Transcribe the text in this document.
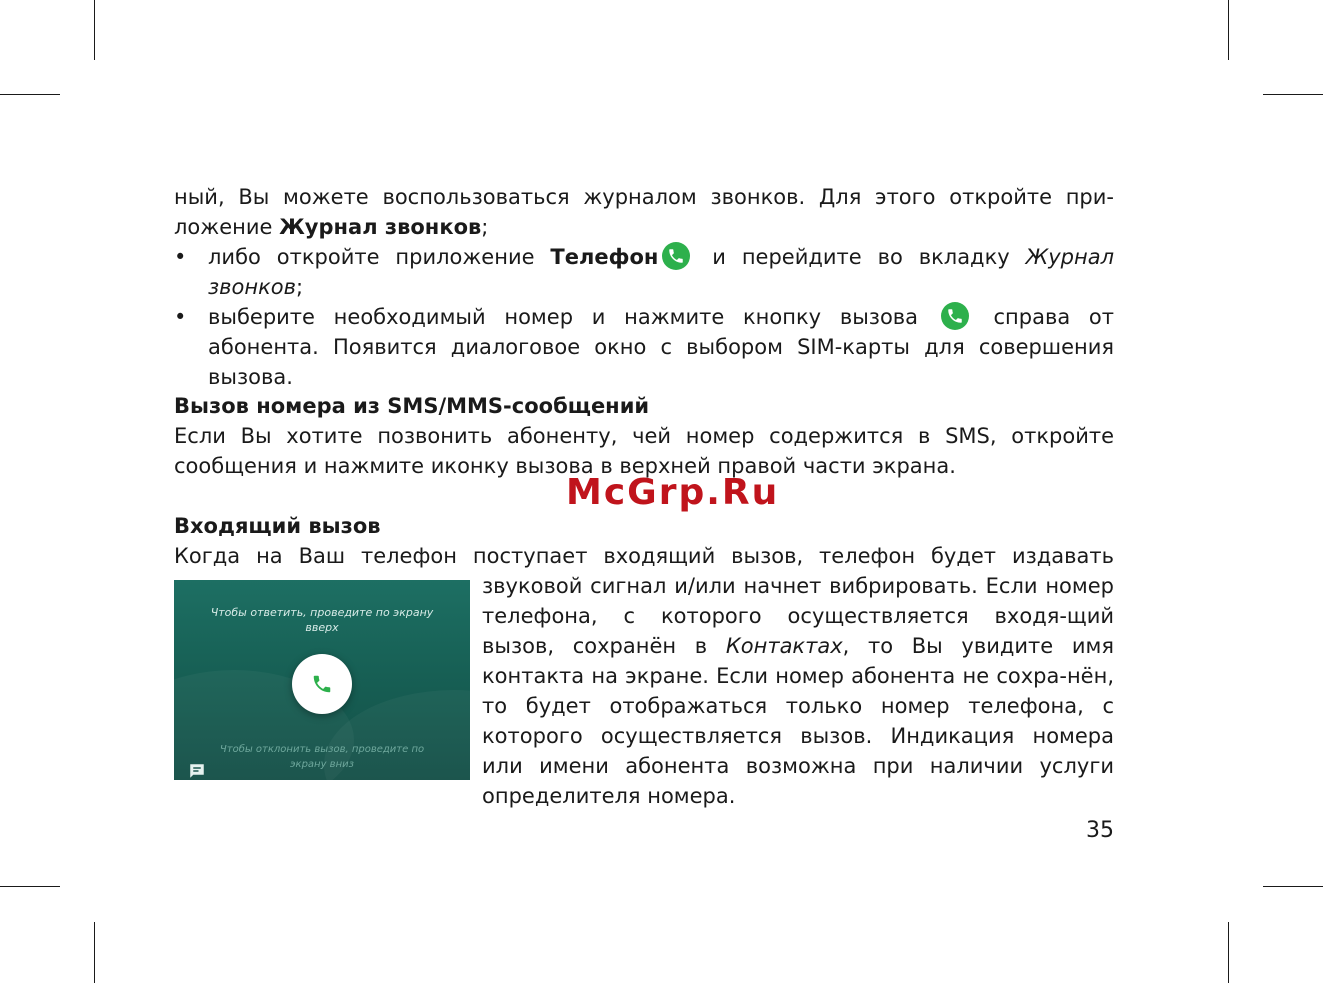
ный, Вы можете воспользоваться журналом звонков. Для этого откройте при-

ложение Журнал звонков;

•	либо откройте приложение Телефон
и перейдите во вкладку Журнал звонков;
•	выберите необходимый номер и нажмите кнопку вызова
справа от абонента. Появится диалоговое окно с выбором SIM-карты для совершения вызова.
Вызов номера из SMS/MMS-сообщений

Если Вы хотите позвонить абоненту, чей номер содержится в SMS, откройте сообщения и нажмите иконку вызова в верхней правой части экрана.

McGrp.Ru
Входящий вызов

Когда на Ваш телефон поступает входящий вызов, телефон будет издавать

звуковой сигнал и/или начнет вибрировать. Если номер телефона, с которого осуществляется входя-щий вызов, сохранён в Контактах, то Вы увидите имя контакта на экране. Если номер абонента не сохра-нён, то будет отображаться только номер телефона, с которого осуществляется вызов. Индикация номера или имени абонента возможна при наличии услуги определителя номера.

Чтобы ответить, проведите по экрану вверх
Чтобы отклонить вызов, проведите по экрану вниз
35
